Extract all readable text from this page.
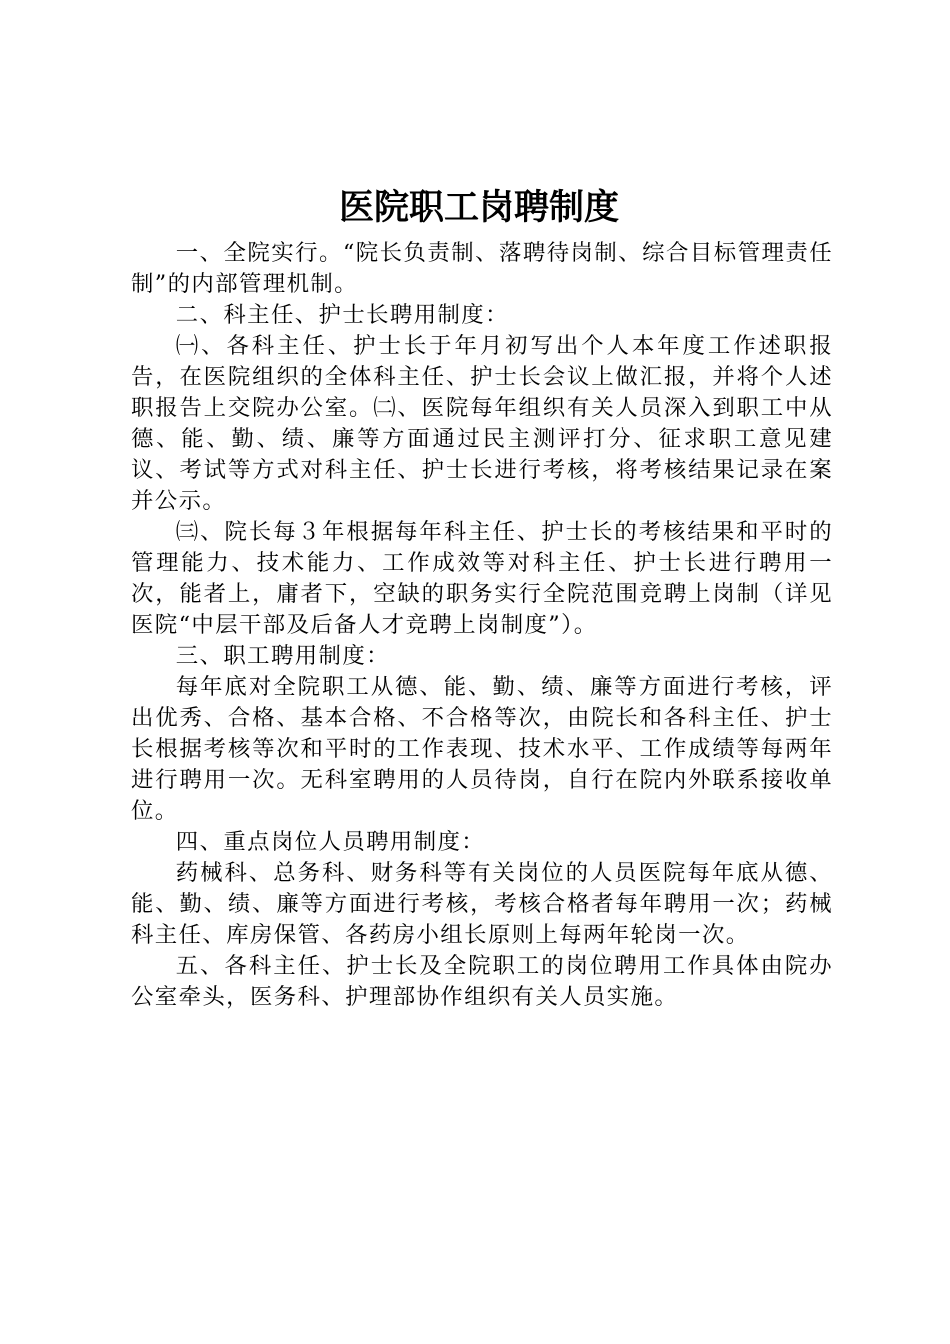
医院职工岗聘制度

一、全院实行。“院长负责制、落聘待岗制、综合目标管理责任制”的内部管理机制。

二、科主任、护士长聘用制度：

㈠、各科主任、护士长于年月初写出个人本年度工作述职报告，在医院组织的全体科主任、护士长会议上做汇报，并将个人述职报告上交院办公室。㈡、医院每年组织有关人员深入到职工中从德、能、勤、绩、廉等方面通过民主测评打分、征求职工意见建议、考试等方式对科主任、护士长进行考核，将考核结果记录在案并公示。

㈢、院长每３年根据每年科主任、护士长的考核结果和平时的管理能力、技术能力、工作成效等对科主任、护士长进行聘用一次，能者上，庸者下，空缺的职务实行全院范围竞聘上岗制（详见医院“中层干部及后备人才竞聘上岗制度”）。

三、职工聘用制度：

每年底对全院职工从德、能、勤、绩、廉等方面进行考核，评出优秀、合格、基本合格、不合格等次，由院长和各科主任、护士长根据考核等次和平时的工作表现、技术水平、工作成绩等每两年进行聘用一次。无科室聘用的人员待岗，自行在院内外联系接收单位。

四、重点岗位人员聘用制度：

药械科、总务科、财务科等有关岗位的人员医院每年底从德、能、勤、绩、廉等方面进行考核，考核合格者每年聘用一次；药械科主任、库房保管、各药房小组长原则上每两年轮岗一次。

五、各科主任、护士长及全院职工的岗位聘用工作具体由院办公室牵头，医务科、护理部协作组织有关人员实施。
